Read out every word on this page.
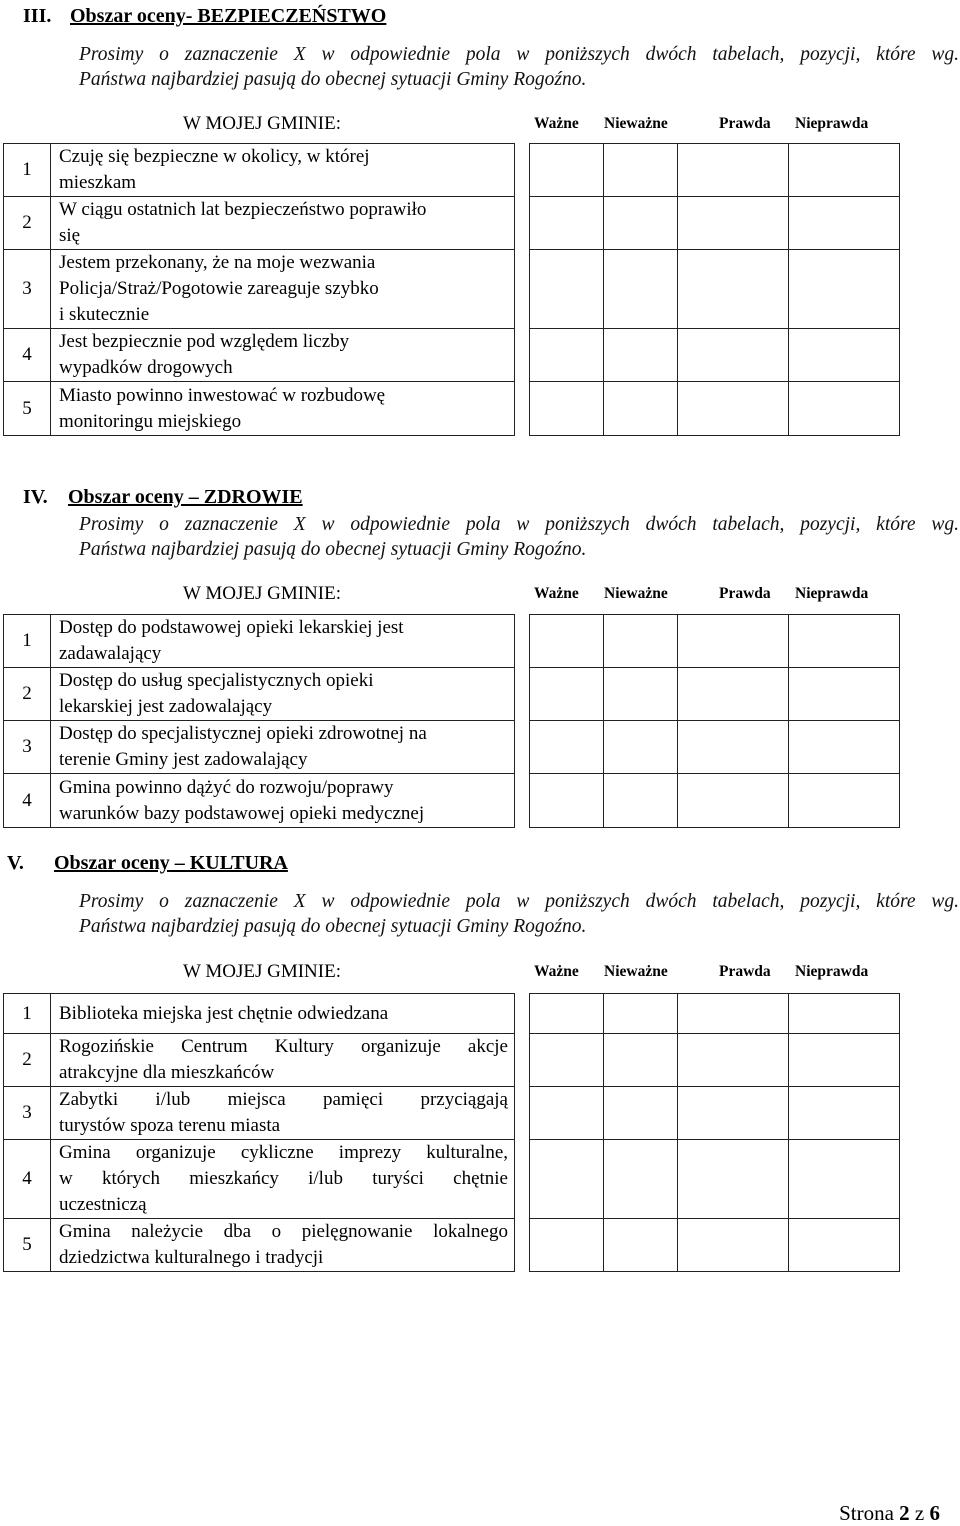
III. Obszar oceny- BEZPIECZEŃSTWO
Prosimy o zaznaczenie X w odpowiednie pola w poniższych dwóch tabelach, pozycji, które wg.
Państwa najbardziej pasują do obecnej sytuacji Gminy Rogoźno.
W MOJEJ GMINIE:	Ważne Nieważne	Prawda Nieprawda
1	Czuję się bezpieczne w okolicy, w której
mieszkam					
2	W ciągu ostatnich lat bezpieczeństwo poprawiło
się					
3	Jestem przekonany, że na moje wezwania
Policja/Straż/Pogotowie zareaguje szybko
i skutecznie					
4	Jest bezpiecznie pod względem liczby
wypadków drogowych					
5	Miasto powinno inwestować w rozbudowę
monitoringu miejskiego					
IV. Obszar oceny – ZDROWIE
Prosimy o zaznaczenie X w odpowiednie pola w poniższych dwóch tabelach, pozycji, które wg.
Państwa najbardziej pasują do obecnej sytuacji Gminy Rogoźno.
W MOJEJ GMINIE:	Ważne Nieważne	Prawda Nieprawda
1	Dostęp do podstawowej opieki lekarskiej jest
zadawalający					
2	Dostęp do usług specjalistycznych opieki
lekarskiej jest zadowalający					
3	Dostęp do specjalistycznej opieki zdrowotnej na
terenie Gminy jest zadowalający					
4	Gmina powinno dążyć do rozwoju/poprawy
warunków bazy podstawowej opieki medycznej					
V. Obszar oceny – KULTURA
Prosimy o zaznaczenie X w odpowiednie pola w poniższych dwóch tabelach, pozycji, które wg.
Państwa najbardziej pasują do obecnej sytuacji Gminy Rogoźno.
W MOJEJ GMINIE:	Ważne Nieważne	Prawda Nieprawda
1	Biblioteka miejska jest chętnie odwiedzana					
2	Rogozińskie Centrum Kultury organizuje akcje
atrakcyjne dla mieszkańców					

3	Zabytki i/lub miejsca pamięci przyciągają
turystów spoza terenu miasta					

4	Gmina organizuje cykliczne imprezy kulturalne,
w których mieszkańcy i/lub turyści chętnie
uczestniczą					

5	Gmina należycie dba o pielęgnowanie lokalnego
dziedzictwa kulturalnego i tradycji					

Strona 2 z 6
